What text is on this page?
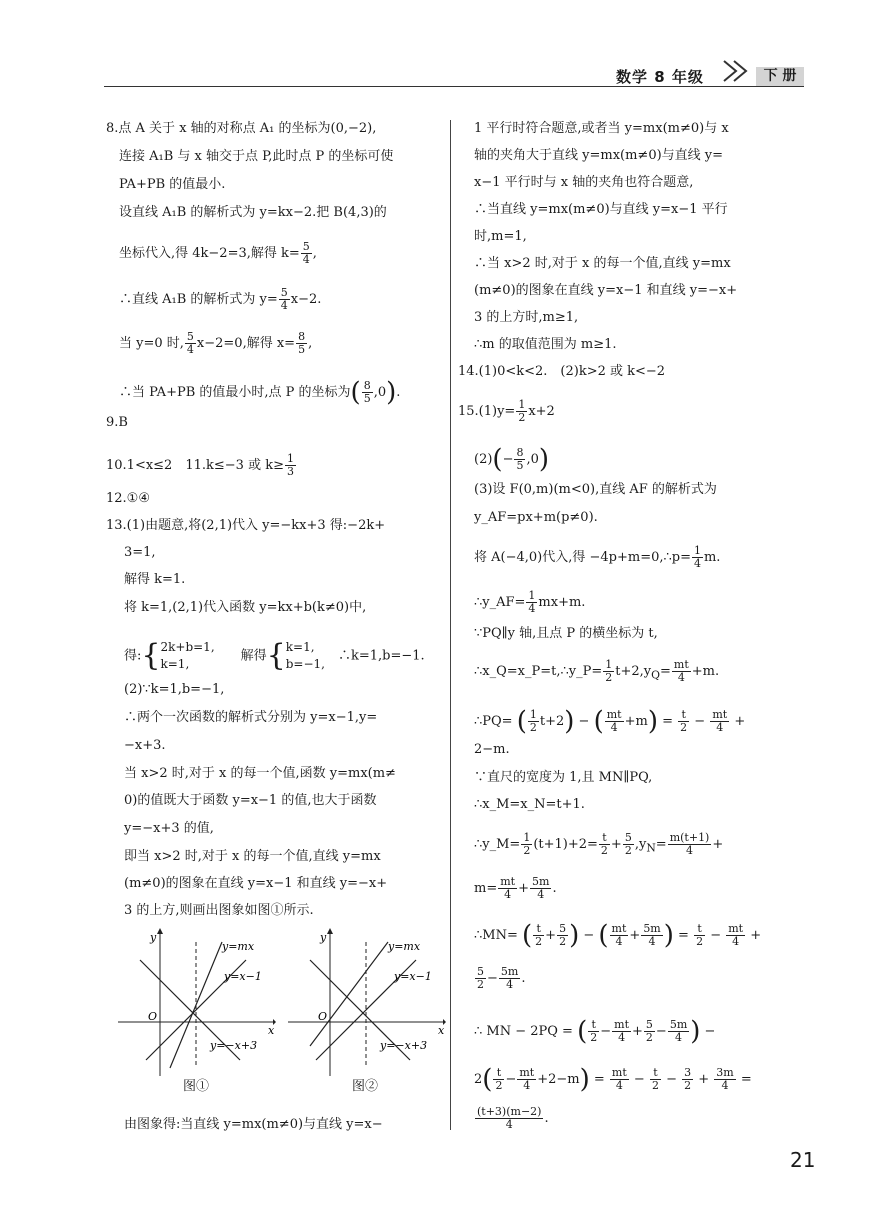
数学 8 年级	下 册
21
8.点 A 关于 x 轴的对称点 A₁ 的坐标为(0,−2),
连接 A₁B 与 x 轴交于点 P,此时点 P 的坐标可使
PA+PB 的值最小.
设直线 A₁B 的解析式为 y=kx−2.把 B(4,3)的
坐标代入,得 4k−2=3,解得 $k= \frac{5}{4}$ ,
∴直线 A₁B 的解析式为 $y= \frac{5}{4} x-2$.
当 y=0 时, $\frac{5}{4} x-2=0$,解得 $x= \frac{8}{5}$ ,
∴当 PA+PB 的值最小时,点 P 的坐标为( $\frac{8}{5} ,0$).
9.B
10.1<x≤2　11.k≤−3 或 $k\ge \frac{1}{3}$
12.①④
13.(1)由题意,将(2,1)代入 y=−kx+3 得:−2k+
3=1,
解得 k=1.
将 k=1,(2,1)代入函数 y=kx+b(k≠0)中,
得:{2k+b=1,
k=1,　　解得{k=1,
b=−1,　∴k=1,b=−1.
(2)∵k=1,b=−1,
∴两个一次函数的解析式分别为 y=x−1,y=
−x+3.
当 x>2 时,对于 x 的每一个值,函数 y=mx(m≠
0)的值既大于函数 y=x−1 的值,也大于函数
y=−x+3 的值,
即当 x>2 时,对于 x 的每一个值,直线 y=mx
(m≠0)的图象在直线 y=x−1 和直线 y=−x+
3 的上方,则画出图象如图①所示.
y
x
O
y=mx
y=x−1
y=−x+3
图①
y
x
O
y=mx
y=x−1
y=−x+3
图②
由图象得:当直线 y=mx(m≠0)与直线 y=x−
1 平行时符合题意,或者当 y=mx(m≠0)与 x
轴的夹角大于直线 y=mx(m≠0)与直线 y=
x−1 平行时与 x 轴的夹角也符合题意,
∴当直线 y=mx(m≠0)与直线 y=x−1 平行
时,m=1,
∴当 x>2 时,对于 x 的每一个值,直线 y=mx
(m≠0)的图象在直线 y=x−1 和直线 y=−x+
3 的上方时,m≥1,
∴m 的取值范围为 m≥1.
14.(1)0<k<2.　(2)k>2 或 k<−2
$15.(1)y= \frac{1}{2} x+2$
$(2)(- \frac{8}{5} ,0)$
(3)设 F(0,m)(m<0),直线 AF 的解析式为
y_AF=px+m(p≠0).
将 A(−4,0)代入,得 −4p+m=0,∴p= $\frac{1}{4} m$.
∴y_AF= $\frac{1}{4} mx+m$.
∵PQ∥y 轴,且点 P 的横坐标为 t,
∴x_Q=x_P=t,∴y_P= $\frac{1}{2} t+2,y_Q= \frac{mt}{4} +m$.
∴PQ= ( $\frac{1}{2} t+2$) − ( $\frac{mt}{4} +m) = \frac{t}{2} - \frac{mt}{4}$ +
2−m.
∵直尺的宽度为 1,且 MN∥PQ,
∴x_M=x_N=t+1.
∴y_M= $\frac{1}{2} (t+1)+2= \frac{t}{2} + \frac{5}{2} ,y_N= \frac{m(t+1)}{4}$ +
$m= \frac{mt}{4} + \frac{5m}{4}$ .
∴MN= ( $\frac{t}{2} + \frac{5}{2}$ ) − ( $\frac{mt}{4} + \frac{5m}{4}$ ) = $\frac{t}{2} - \frac{mt}{4}$ +
$\frac{5}{2} - \frac{5m}{4}$ .
∴ MN − 2PQ = ( $\frac{t}{2} - \frac{mt}{4} + \frac{5}{2} - \frac{5m}{4}$ ) −
$2( \frac{t}{2} - \frac{mt}{4} +2-m) = \frac{mt}{4} - \frac{t}{2} - \frac{3}{2} + \frac{3m}{4}$ =
$\frac{(t+3)(m-2)}{4}$ .
